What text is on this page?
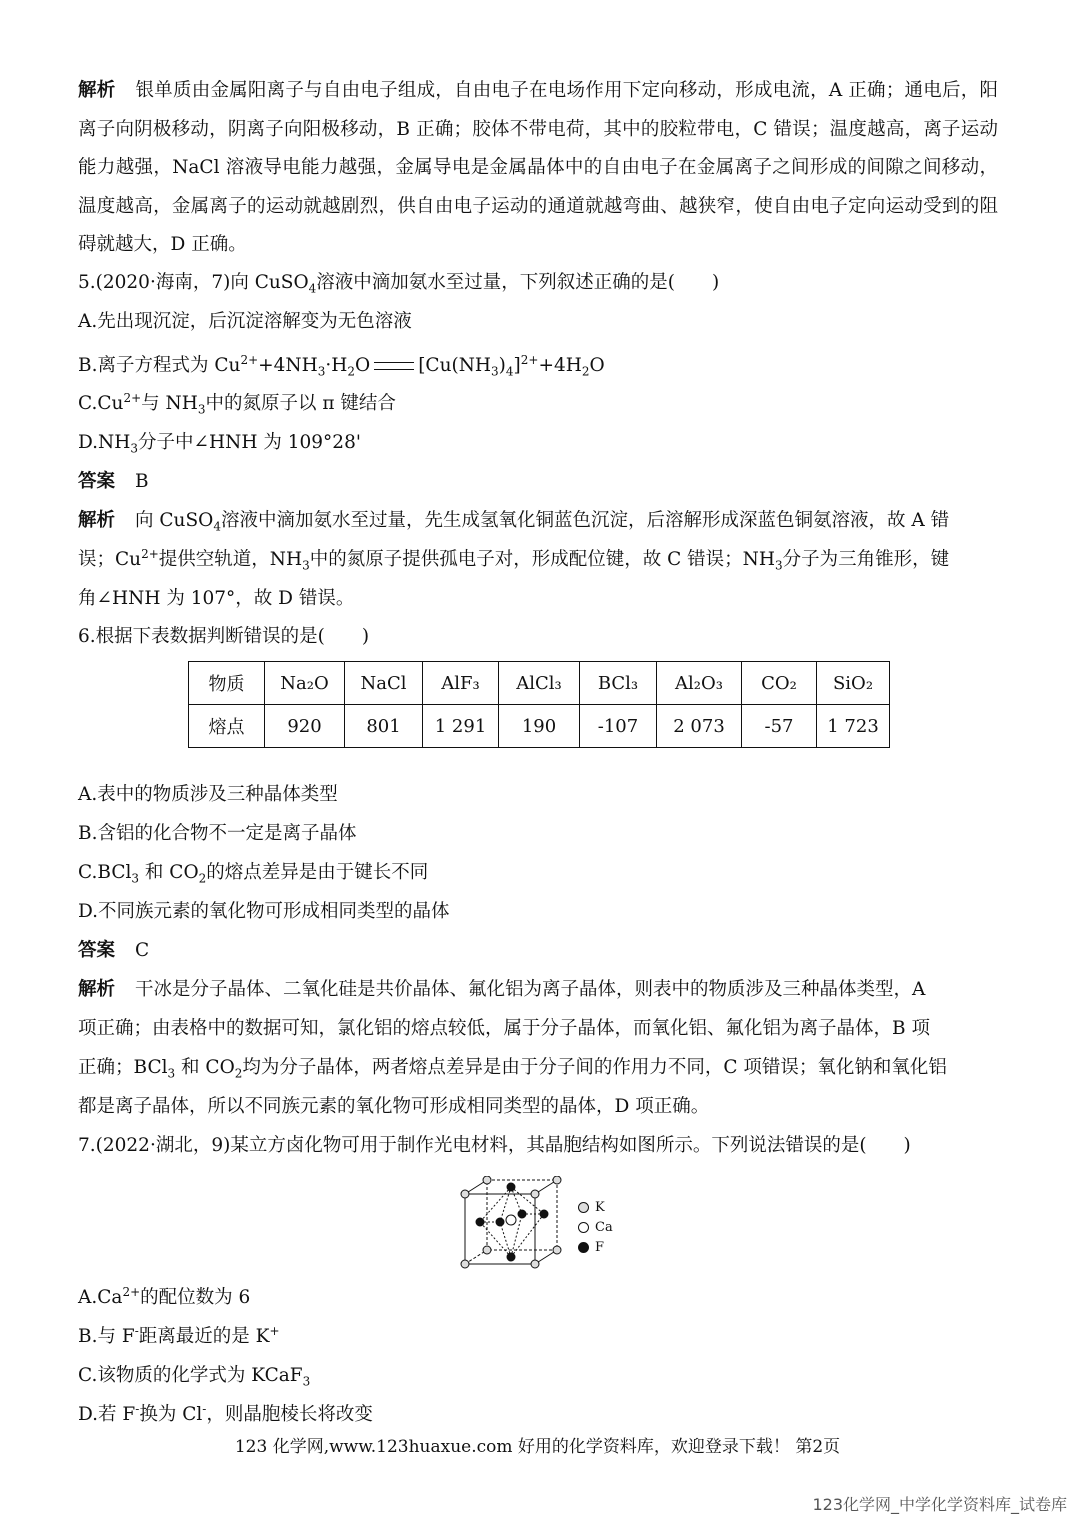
解析 银单质由金属阳离子与自由电子组成，自由电子在电场作用下定向移动，形成电流，A 正确；通电后，阳离子向阴极移动，阴离子向阳极移动，B 正确；胶体不带电荷，其中的胶粒带电，C 错误；温度越高，离子运动能力越强，NaCl 溶液导电能力越强，金属导电是金属晶体中的自由电子在金属离子之间形成的间隙之间移动，温度越高，金属离子的运动就越剧烈，供自由电子运动的通道就越弯曲、越狭窄，使自由电子定向运动受到的阻碍就越大，D 正确。

5.(2020·海南，7)向 CuSO$_4$溶液中滴加氨水至过量，下列叙述正确的是(　　)
A.先出现沉淀，后沉淀溶解变为无色溶液
B.离子方程式为 $Cu^{2+}+4NH_3\cdot H_2O$	$[Cu(NH_3)_4]^{2+}+4H_2O$
$C.Cu^{2+}$与 $NH_3$中的氮原子以 π 键结合
$D.NH_3$分子中∠HNH 为 109°28'
答案 B
解析 向 CuSO$_4$溶液中滴加氨水至过量，先生成氢氧化铜蓝色沉淀，后溶解形成深蓝色铜氨溶液，故 A 错
误；$Cu^{2+}$提供空轨道，$NH_3$中的氮原子提供孤电子对，形成配位键，故 C 错误；$NH_3$分子为三角锥形，键
角∠HNH 为 107°，故 D 错误。
6.根据下表数据判断错误的是(　　)
物质	Na₂O	NaCl	AlF₃	AlCl₃	BCl₃	Al₂O₃	CO₂	SiO₂
熔点	920	801	1 291	190	-107	2 073	-57	1 723
A.表中的物质涉及三种晶体类型
B.含铝的化合物不一定是离子晶体
C.BCl$_3$ 和 $CO_2$的熔点差异是由于键长不同
D.不同族元素的氧化物可形成相同类型的晶体
答案 C
解析 干冰是分子晶体、二氧化硅是共价晶体、氟化铝为离子晶体，则表中的物质涉及三种晶体类型，A
项正确；由表格中的数据可知，氯化铝的熔点较低，属于分子晶体，而氧化铝、氟化铝为离子晶体，B 项
正确；BCl$_3$ 和 $CO_2$均为分子晶体，两者熔点差异是由于分子间的作用力不同，C 项错误；氧化钠和氧化铝
都是离子晶体，所以不同族元素的氧化物可形成相同类型的晶体，D 项正确。
7.(2022·湖北，9)某立方卤化物可用于制作光电材料，其晶胞结构如图所示。下列说法错误的是(　　)
K
Ca
F
$A.Ca^{2+}$的配位数为 6
B.与 F-距离最近的是 K+
C.该物质的化学式为 KCaF$_3$
D.若 F-换为 Cl-，则晶胞棱长将改变
123 化学网,www.123huaxue.com 好用的化学资料库，欢迎登录下载！ 第2页
123化学网_中学化学资料库_试卷库
